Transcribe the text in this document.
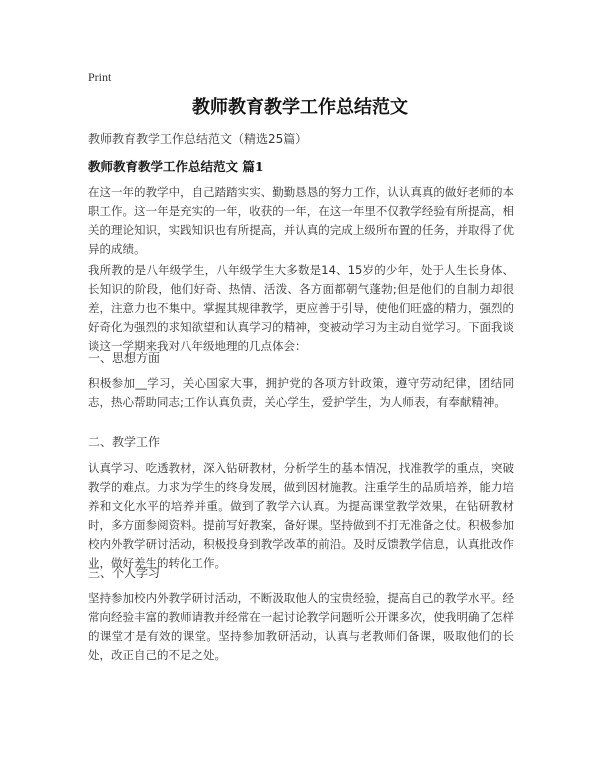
Print
教师教育教学工作总结范文
教师教育教学工作总结范文（精选25篇）
教师教育教学工作总结范文 篇1

在这一年的教学中，自己踏踏实实、勤勤恳恳的努力工作，认认真真的做好老师的本职工作。这一年是充实的一年，收获的一年，在这一年里不仅教学经验有所提高，相关的理论知识，实践知识也有所提高，并认真的完成上级所布置的任务，并取得了优异的成绩。

我所教的是八年级学生，八年级学生大多数是14、15岁的少年，处于人生长身体、长知识的阶段，他们好奇、热情、活泼、各方面都朝气蓬勃;但是他们的自制力却很差，注意力也不集中。掌握其规律教学，更应善于引导，使他们旺盛的精力，强烈的好奇化为强烈的求知欲望和认真学习的精神，变被动学习为主动自觉学习。下面我谈谈这一学期来我对八年级地理的几点体会：

一、思想方面

积极参加__学习，关心国家大事，拥护党的各项方针政策，遵守劳动纪律，团结同志，热心帮助同志;工作认真负责，关心学生，爱护学生，为人师表，有奉献精神。

二、教学工作

认真学习、吃透教材，深入钻研教材，分析学生的基本情况，找准教学的重点，突破教学的难点。力求为学生的终身发展，做到因材施教。注重学生的品质培养，能力培养和文化水平的培养并重。做到了教学六认真。为提高课堂教学效果，在钻研教材时，多方面参阅资料。提前写好教案，备好课。坚持做到不打无准备之仗。积极参加校内外教学研讨活动，积极投身到教学改革的前沿。及时反馈教学信息，认真批改作业，做好差生的转化工作。

三、个人学习

坚持参加校内外教学研讨活动，不断汲取他人的宝贵经验，提高自己的教学水平。经常向经验丰富的教师请教并经常在一起讨论教学问题听公开课多次，使我明确了怎样的课堂才是有效的课堂。坚持参加教研活动，认真与老教师们备课，吸取他们的长处，改正自己的不足之处。
